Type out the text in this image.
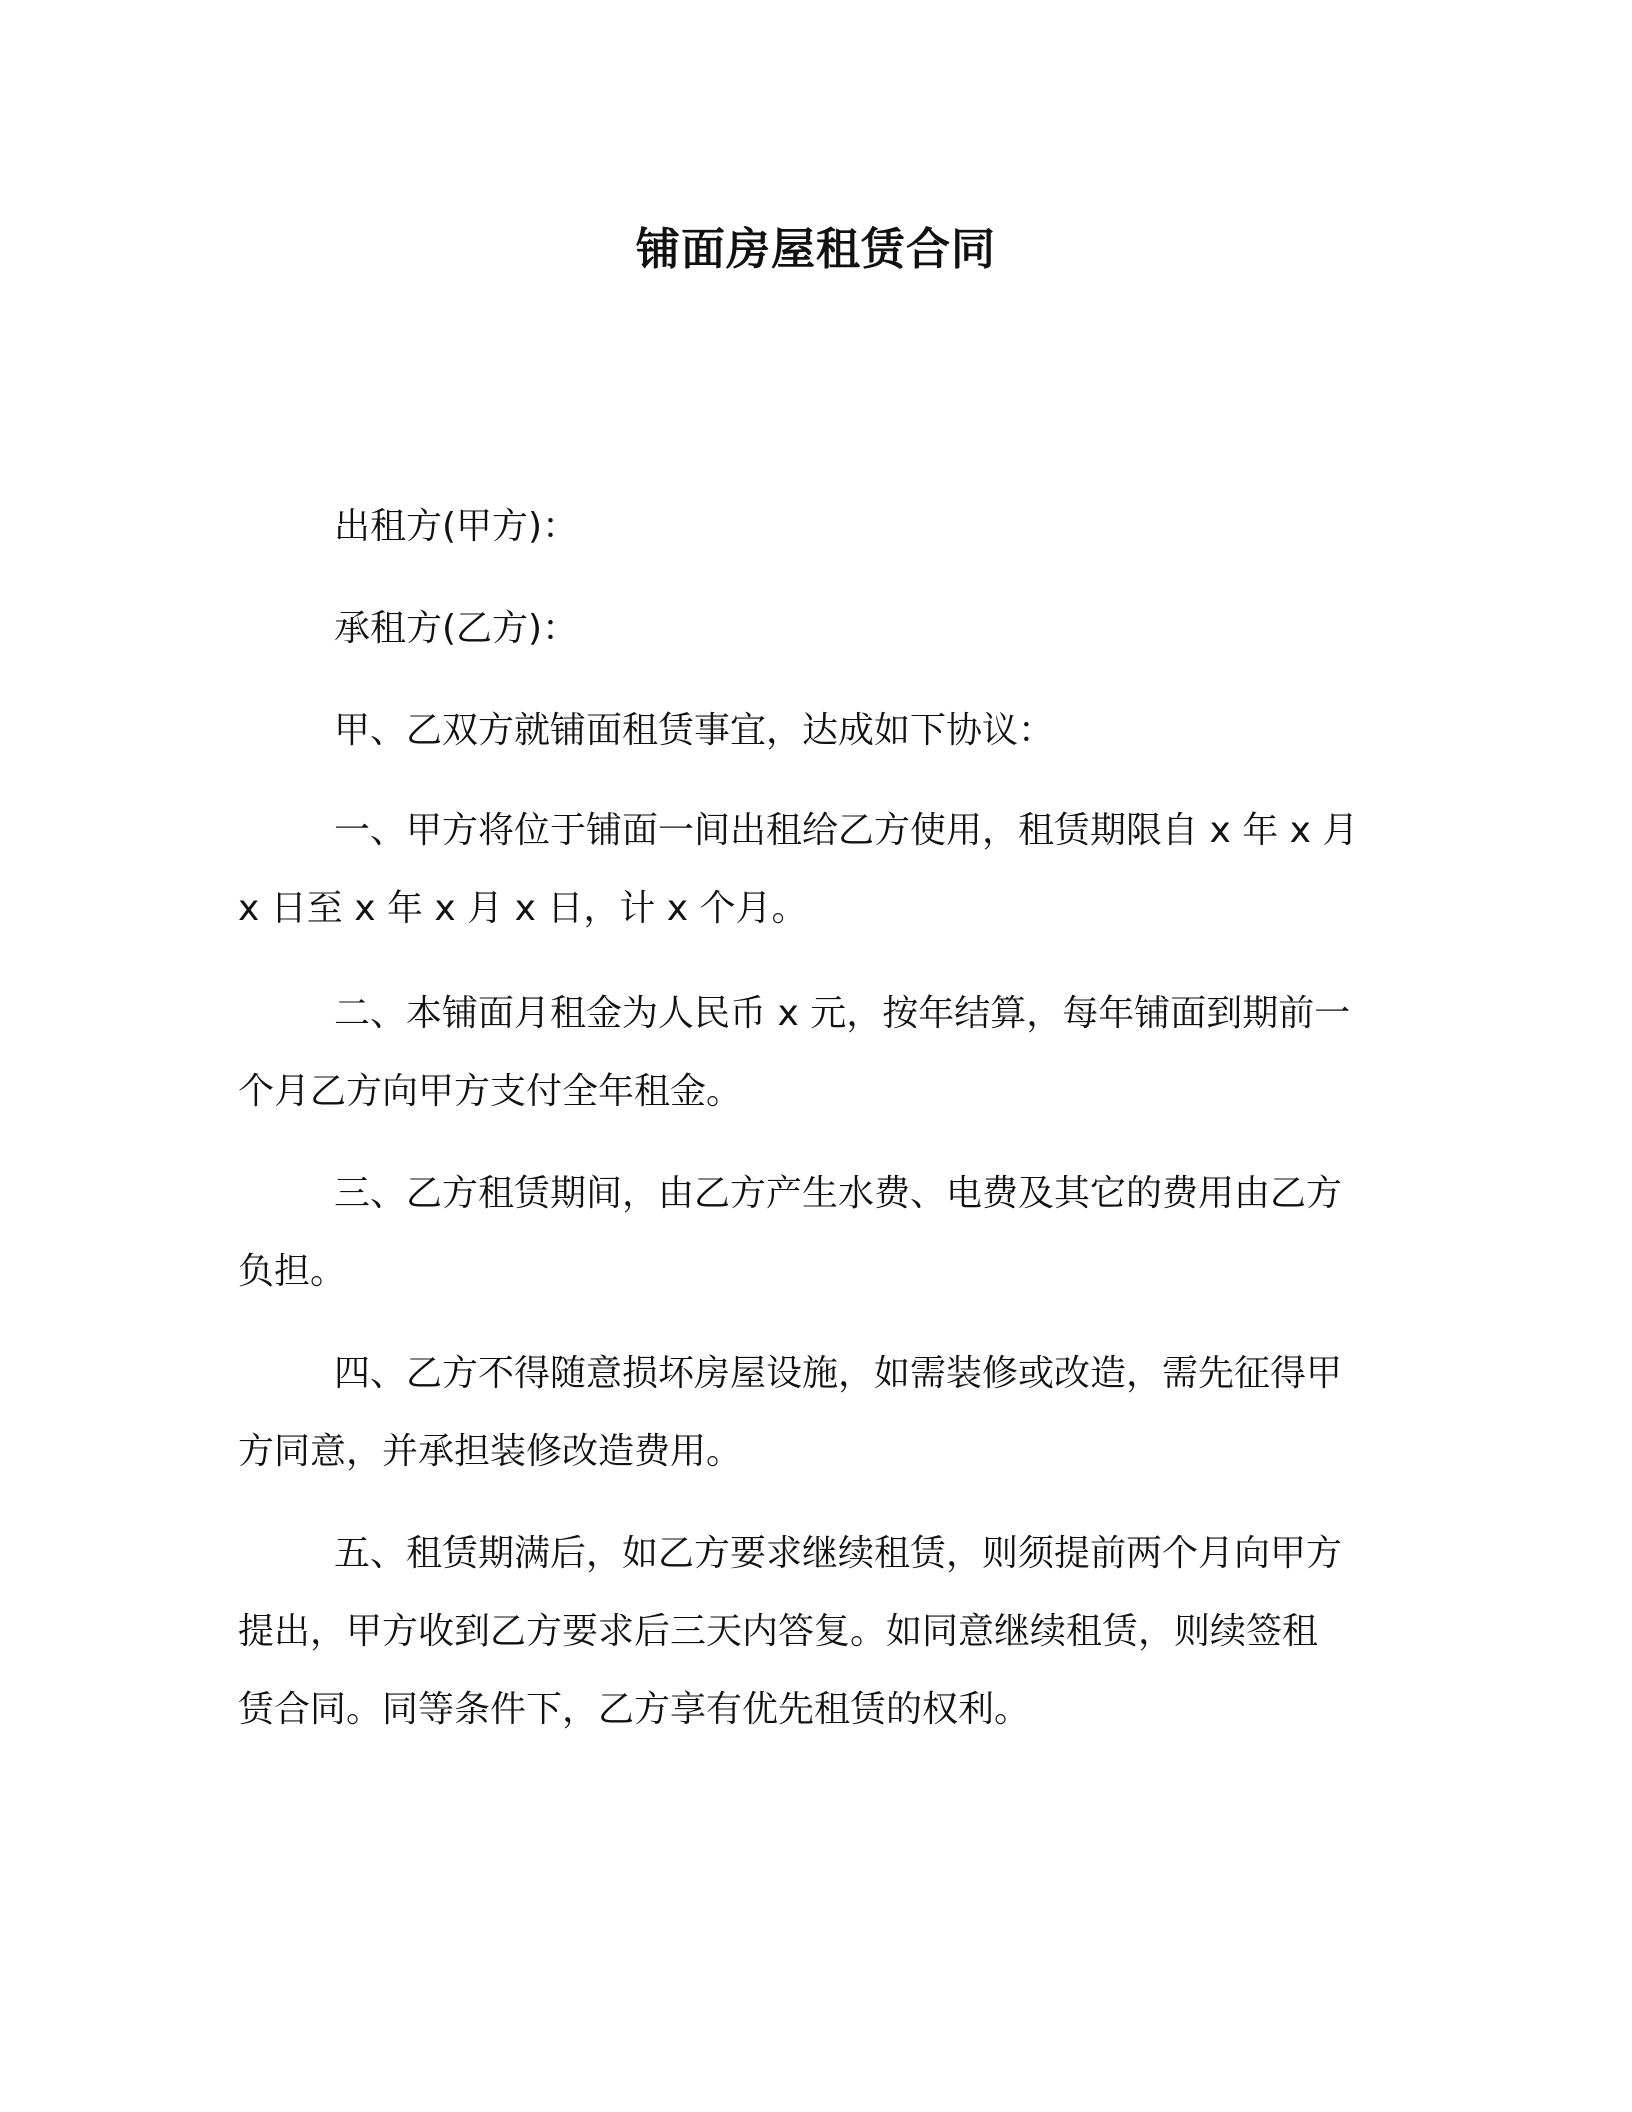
铺面房屋租赁合同

出租方(甲方)：

承租方(乙方)：

甲、乙双方就铺面租赁事宜，达成如下协议：

一、甲方将位于铺面一间出租给乙方使用，租赁期限自 x 年 x 月
x 日至 x 年 x 月 x 日，计 x 个月。
二、本铺面月租金为人民币 x 元，按年结算，每年铺面到期前一
个月乙方向甲方支付全年租金。
三、乙方租赁期间，由乙方产生水费、电费及其它的费用由乙方
负担。
四、乙方不得随意损坏房屋设施，如需装修或改造，需先征得甲
方同意，并承担装修改造费用。
五、租赁期满后，如乙方要求继续租赁，则须提前两个月向甲方
提出，甲方收到乙方要求后三天内答复。如同意继续租赁，则续签租
赁合同。同等条件下，乙方享有优先租赁的权利。
